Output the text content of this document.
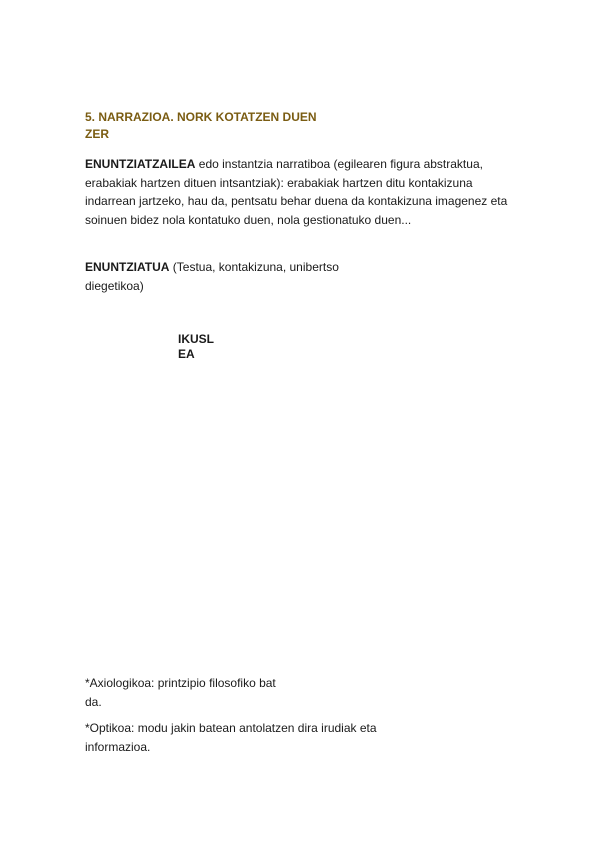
5. NARRAZIOA. NORK KOTATZEN DUEN
ZER
ENUNTZIATZAILEA edo instantzia narratiboa (egilearen figura abstraktua,
erabakiak hartzen dituen intsantziak): erabakiak hartzen ditu kontakizuna
indarrean jartzeko, hau da, pentsatu behar duena da kontakizuna imagenez eta
soinuen bidez nola kontatuko duen, nola gestionatuko duen...
ENUNTZIATUA (Testua, kontakizuna, unibertso
diegetikoa)
IKUSL
EA
*Axiologikoa: printzipio filosofiko bat
da.
*Optikoa: modu jakin batean antolatzen dira irudiak eta
informazioa.
